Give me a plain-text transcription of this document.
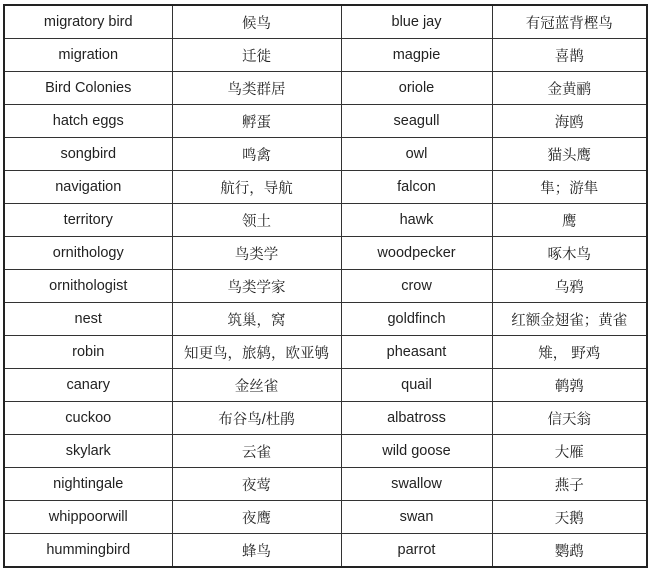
migratory bird	候鸟	blue jay	有冠蓝背樫鸟
migration	迁徙	magpie	喜鹊
Bird Colonies	鸟类群居	oriole	金黄鹂
hatch eggs	孵蛋	seagull	海鸥
songbird	鸣禽	owl	猫头鹰
navigation	航行，导航	falcon	隼；游隼
territory	领土	hawk	鹰
ornithology	鸟类学	woodpecker	啄木鸟
ornithologist	鸟类学家	crow	乌鸦
nest	筑巢，窝	goldfinch	红额金翅雀；黄雀
robin	知更鸟，旅鸫，欧亚鸲	pheasant	雉， 野鸡
canary	金丝雀	quail	鹌鹑
cuckoo	布谷鸟/杜鹃	albatross	信天翁
skylark	云雀	wild goose	大雁
nightingale	夜莺	swallow	燕子
whippoorwill	夜鹰	swan	天鹅
hummingbird	蜂鸟	parrot	鹦鹉
